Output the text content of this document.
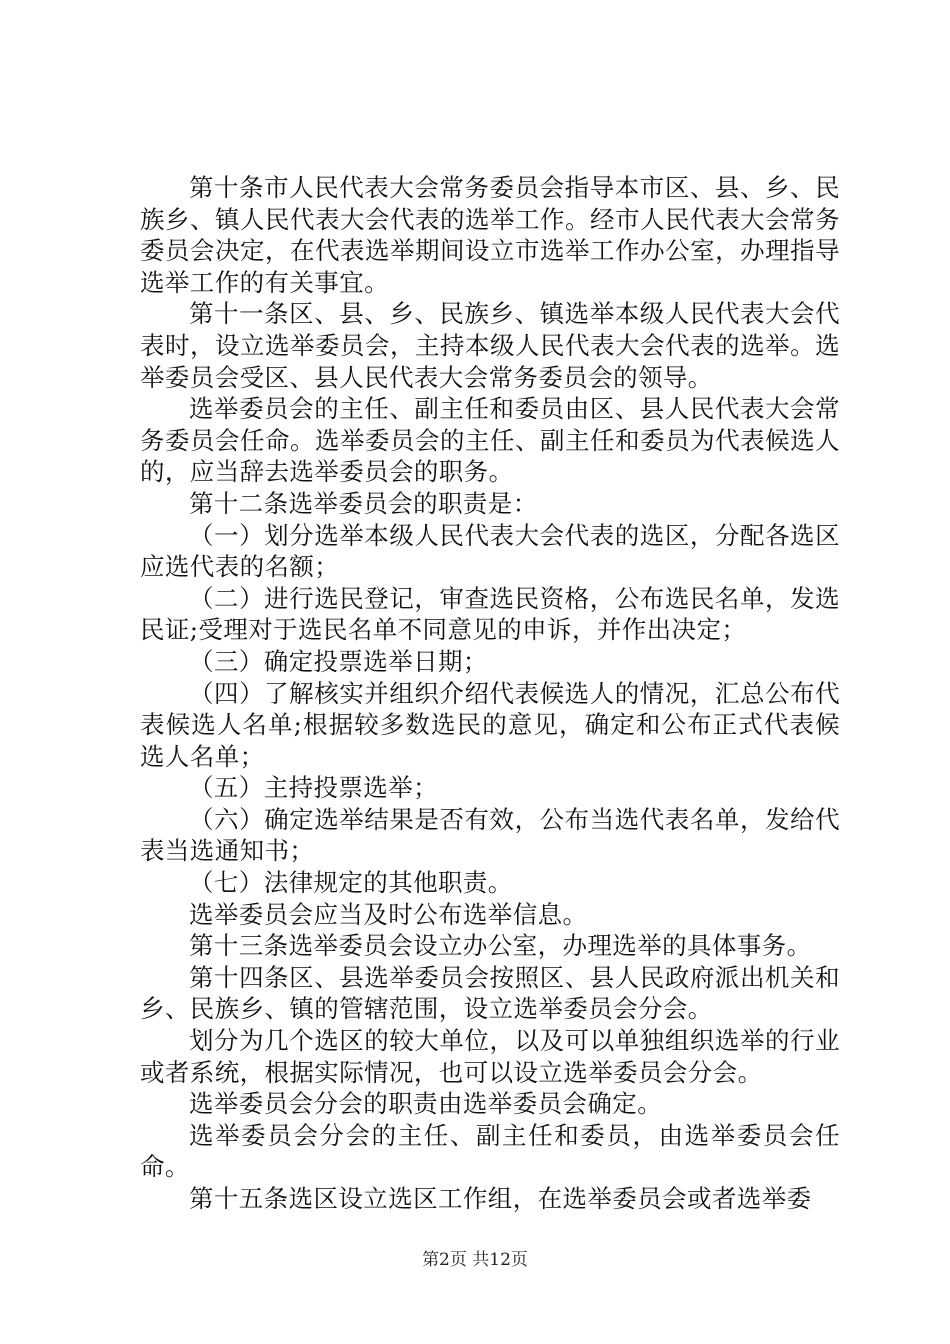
第十条市人民代表大会常务委员会指导本市区、县、乡、民族乡、镇人民代表大会代表的选举工作。经市人民代表大会常务委员会决定，在代表选举期间设立市选举工作办公室，办理指导选举工作的有关事宜。

第十一条区、县、乡、民族乡、镇选举本级人民代表大会代表时，设立选举委员会，主持本级人民代表大会代表的选举。选举委员会受区、县人民代表大会常务委员会的领导。

选举委员会的主任、副主任和委员由区、县人民代表大会常务委员会任命。选举委员会的主任、副主任和委员为代表候选人的，应当辞去选举委员会的职务。

第十二条选举委员会的职责是：

（一）划分选举本级人民代表大会代表的选区，分配各选区应选代表的名额；

（二）进行选民登记，审查选民资格，公布选民名单，发选民证;受理对于选民名单不同意见的申诉，并作出决定；

（三）确定投票选举日期；

（四）了解核实并组织介绍代表候选人的情况，汇总公布代表候选人名单;根据较多数选民的意见，确定和公布正式代表候选人名单；

（五）主持投票选举；

（六）确定选举结果是否有效，公布当选代表名单，发给代表当选通知书；

（七）法律规定的其他职责。

选举委员会应当及时公布选举信息。

第十三条选举委员会设立办公室，办理选举的具体事务。

第十四条区、县选举委员会按照区、县人民政府派出机关和乡、民族乡、镇的管辖范围，设立选举委员会分会。

划分为几个选区的较大单位，以及可以单独组织选举的行业或者系统，根据实际情况，也可以设立选举委员会分会。

选举委员会分会的职责由选举委员会确定。

选举委员会分会的主任、副主任和委员，由选举委员会任命。

第十五条选区设立选区工作组，在选举委员会或者选举委

第2页 共12页
